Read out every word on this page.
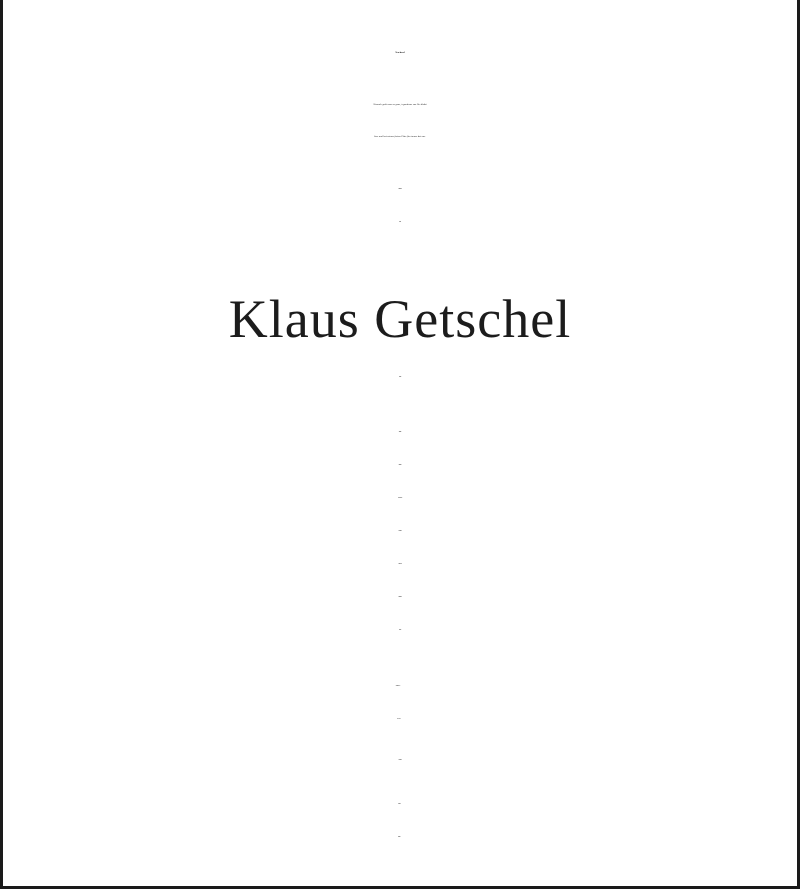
Nachruf
Niemals geht man so ganz, irgendwas von Dir bleibt
hier und hat seinen festen Platz für immer bei uns.
Klaus Getschel
